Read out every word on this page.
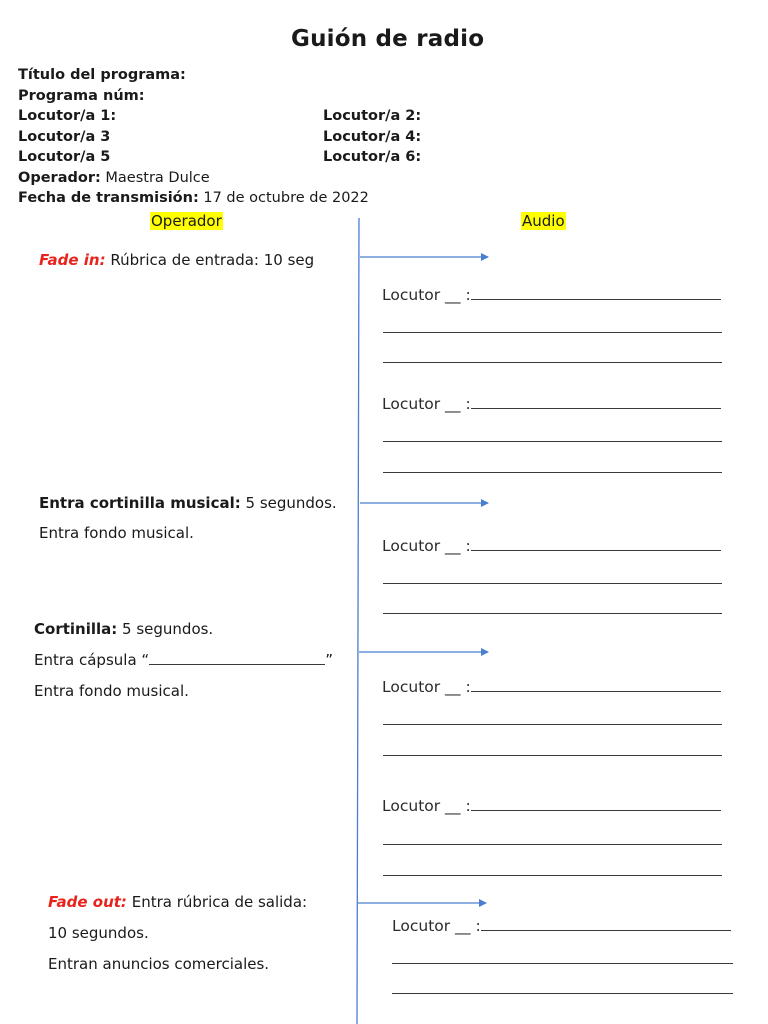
Guión de radio
Título del programa:
Programa núm:
Locutor/a 1:
Locutor/a 3
Locutor/a 5
Operador: Maestra Dulce
Fecha de transmisión: 17 de octubre de 2022
Locutor/a 2:
Locutor/a 4:
Locutor/a 6:
Operador	Audio
Fade in: Rúbrica de entrada: 10 seg
Entra cortinilla musical: 5 segundos.
Entra fondo musical.
Cortinilla: 5 segundos.
Entra cápsula “	”
Entra fondo musical.
Fade out: Entra rúbrica de salida:
10 segundos.
Entran anuncios comerciales.
Locutor __ :
Locutor __ :
Locutor __ :
Locutor __ :
Locutor __ :
Locutor __ :
